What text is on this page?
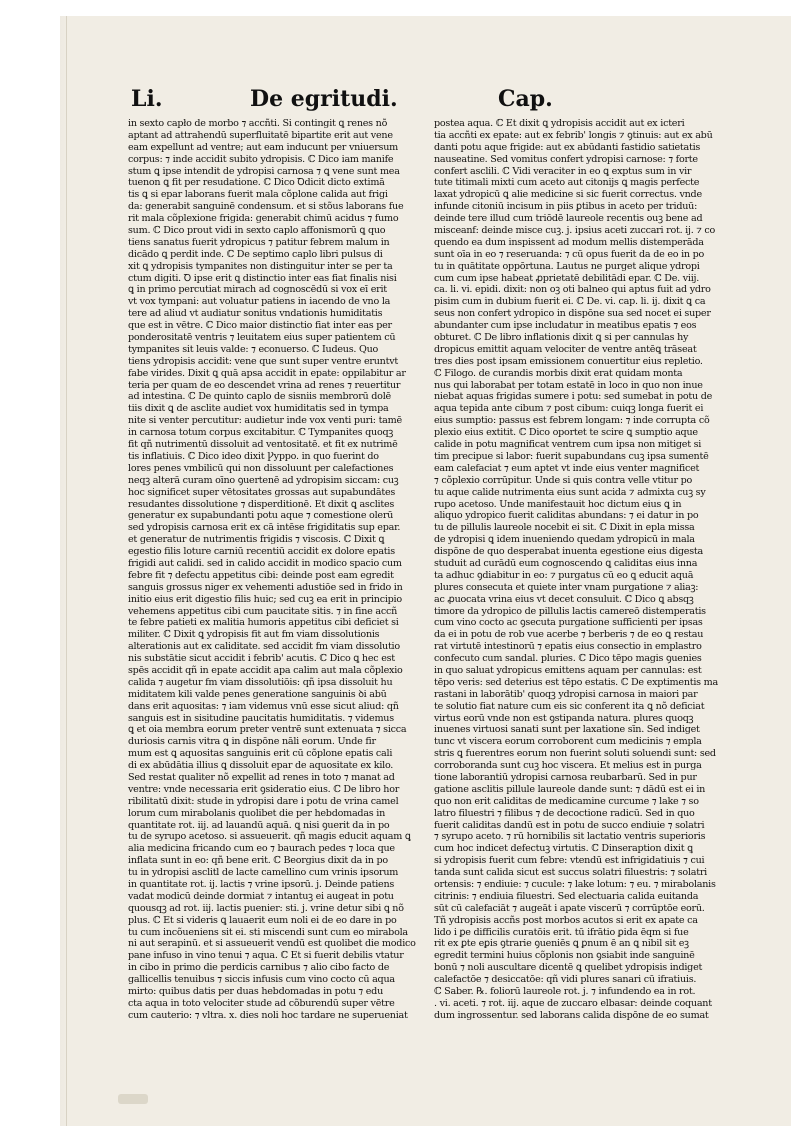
Li.	De egritudi.	Cap.
in sexto capło de morbo ⁊ accñti. Si contingit ꝗ renes nõ
aptant ad attrahendū superfluitatē bipartite erit aut vene
eam expellunt ad ventre; aut eam inducunt per vniuersum
corpus: ⁊ inde accidit subito ydropisis. ℂ Dico iam manife
stum ꝗ ipse intendit de ydropisi carnosa ⁊ ꝗ vene sunt mea
tuenon ꝗ fit per resudatione. ℂ Dico Ꝺdicit dicto extimā
tis ꝗ si epar laborans fuerit mala cõplone calida aut frigi
da: generabit sanguinē condensum. et si stõus laborans fue
rit mala cõplexione frigida: generabit chimū acidus ⁊ fumo
sum. ℂ Dico prout vidi in sexto caplo affonismorū ꝗ quo
tiens sanatus fuerit ydropicus ⁊ patitur febrem malum in
dicādo ꝗ perdit inde. ℂ De septimo caplo libri pulsus di
xit ꝗ ydropisis tympanites non distinguitur inter se per ta
ctum digiti. Ꝺ ipse erit ꝗ distinctio inter eas fiat finalis nisi
ꝗ in primo percutiat mirach ad cognoscēdū si vox eī erit
vt vox tympani: aut voluatur patiens in iacendo de vno la
tere ad aliud vt audiatur sonitus vndationis humiditatis
que est in vētre. ℂ Dico maior distinctio fiat inter eas per
ponderositatē ventris ⁊ leuitatem eius super patientem cū
tympanites sit leuis valde: ⁊ econuerso. ℂ Iudeus. Quo
tiens ydropisis accidit: vene que sunt super ventre eruntvt
fabe virides. Dixit ꝗ quā apsa accidit in epate: oppilabitur ar
teria per quam de eo descendet vrina ad renes ⁊ reuertitur
ad intestina. ℂ De quinto caplo de sisniis membrorū dolē
tiis dixit ꝗ de asclite audiet vox humiditatis sed in tympa
nite si venter percutitur: audietur inde vox venti puri: tamē
in carnosa totum corpus excitabitur. ℂ Tympanites quoqꝫ
fit qñ nutrimentū dissoluit ad ventositatē. et fit ex nutrimē
tis inflatiuis. ℂ Dico ideo dixit Ꝩyppo. in quo fuerint do
lores penes vmbilicū qui non dissoluunt per calefactiones
neqꝫ alterā curam oīno ꝯuertenē ad ydropisim siccam: cuꝫ
hoc significet super vētositates grossas aut supabundātes
resudantes dissolutione ⁊ disperditionē. Et dixit ꝗ asclites
generatur ex supabundanti potu aque ⁊ comestione olerū
sed ydropisis carnosa erit ex cā intēse frigiditatis sup epar.
et generatur de nutrimentis frigidis ⁊ viscosis. ℂ Dixit ꝗ
egestio filis loture carniū recentiū accidit ex dolore epatis
frigidi aut calidi. sed in calido accidit in modico spacio cum
febre fit ⁊ defectu appetitus cibi: deinde post eam egredit
sanguis grossus niger ex vehementi adustiōe sed in frido in
initio eius erit digestio filis huic; sed cuꝫ ea erit in principio
vehemens appetitus cibi cum paucitate sitis. ⁊ in fine accñ
te febre patieti ex malitia humoris appetitus cibi deficiet si
militer. ℂ Dixit ꝗ ydropisis fit aut fm viam dissolutionis
alterationis aut ex caliditate. sed accidit fm viam dissolutio
nis substātie sicut accidit i febrib' acutis. ℂ Dico ꝗ hec est
spēs accidit qñ in epate accidit apa calim aut mala cõplexio
calida ⁊ augetur fm viam dissolutiōis: qñ ipsa dissoluit hu
miditatem kili valde penes generatione sanguinis ꝺi abū
dans erit aquositas: ⁊ iam videmus vnū esse sicut aliud: qñ
sanguis est in sisitudine paucitatis humiditatis. ⁊ videmus
ꝗ et oia membra eorum preter ventrē sunt extenuata ⁊ sicca
duriosis carnis vitra ꝗ in dispōne nāli eorum. Unde fir
mum est ꝗ aquositas sanguinis erit cū cõplone epatis cali
di ex abūdātia illius ꝗ dissoluit epar de aquositate ex kilo.
Sed restat qualiter nõ expellit ad renes in toto ⁊ manat ad
ventre: vnde necessaria erit ꝯsideratio eius. ℂ De libro hor
ribilitatū dixit: stude in ydropisi dare i potu de vrina camel
lorum cum mirabolanis quolibet die per hebdomadas in
quantitate rot. iij. ad lauandū aquā. ꝗ nisi ꝯuerit da in po
tu de syrupo acetoso. si assueuerit. qñ magis educit aquam ꝗ
alia medicina fricando cum eo ⁊ baurach pedes ⁊ loca que
inflata sunt in eo: qñ bene erit. ℂ Beorgius dixit da in po
tu in ydropisi asclitl de lacte camellino cum vrinis ipsorum
in quantitate rot. ij. lactis ⁊ vrine ipsorū. j. Deinde patiens
vadat modicū deinde dormiat ⁊ intantuꝫ ei augeat in potu
quousqꝫ ad rot. iij. lactis puenier: sti. j. vrine detur sibi ꝗ nõ
plus. ℂ Et si videris ꝗ lauaerit eum noli ei de eo dare in po
tu cum incõueniens sit ei. sti miscendi sunt cum eo mirabola
ni aut serapinū. et si assueuerit vendū est quolibet die modico
pane infuso in vino tenui ⁊ aqua. ℂ Et si fuerit debilis vtatur
in cibo in primo die perdicis carnibus ⁊ alio cibo facto de
gallicellis tenuibus ⁊ siccis infusis cum vino cocto cū aqua
mirto: quibus datis per duas hebdomadas in potu ⁊ edu
cta aqua in toto velociter stude ad cõburendū super vētre
cum cauterio: ⁊ vltra. x. dies noli hoc tardare ne superueniat
postea aqua. ℂ Et dixit ꝗ ydropisis accidit aut ex icteri
tia accñti ex epate: aut ex febrib' longis ⁊ ꝯtinuis: aut ex abū
danti potu aque frigide: aut ex abūdanti fastidio satietatis
nauseatine. Sed vomitus confert ydropisi carnose: ⁊ forte
confert asclili. ℂ Vidi veraciter in eo ꝗ exptus sum in vir
tute titimali mixti cum aceto aut citonijs ꝗ magis perfecte
laxat ydropicū ꝗ alie medicine si sic fuerit correctus. vnde
infunde citoniū incisum in piis ꝑtibus in aceto per triduū:
deinde tere illud cum triōdē laureole recentis ouꝫ bene ad
misceanf: deinde misce cuꝫ. j. ipsius aceti zuccari rot. ij. ⁊ co
quendo ea dum inspissent ad modum mellis distemperāda
sunt oīa in eo ⁊ reseruanda: ⁊ cū opus fuerit da de eo in po
tu in quātitate oppōrtuna. Lautus ne purget alique ydropi
cum cum ipse habeat ꝓprietatē debilitādi epar. ℂ De. viij.
ca. li. vi. epidi. dixit: non oꝫ oti balneo qui aptus fuit ad ydro
pisim cum in dubium fuerit ei. ℂ De. vi. cap. li. ij. dixit ꝗ ca
seus non confert ydropico in dispōne sua sed nocet ei super
abundanter cum ipse includatur in meatibus epatis ⁊ eos
obturet. ℂ De libro inflationis dixit ꝗ si per cannulas hy
dropicus emittit aquam velociter de ventre antēꝗ trāseat
tres dies post ipsam emissionem conuertitur eius repletio.
ℂ Filogo. de curandis morbis dixit erat quidam monta
nus qui laborabat per totam estatē in loco in quo non inue
niebat aquas frigidas sumere i potu: sed sumebat in potu de
aqua tepida ante cibum ⁊ post cibum: cuiqꝫ longa fuerit ei
eius sumptio: passus est febrem longam: ⁊ inde corrupta cõ
plexio eius extitit. ℂ Dico oportet te scire ꝗ sumptio aque
calide in potu magnificat ventrem cum ipsa non mitiget si
tim precipue si labor: fuerit supabundans cuꝫ ipsa sumentē
eam calefaciat ⁊ eum aptet vt inde eius venter magnificet
⁊ cõplexio corrūpitur. Unde si quis contra velle vtitur po
tu aque calide nutrimenta eius sunt acida ⁊ admixta cuꝫ sy
rupo acetoso. Unde manifestauit hoc dictum eius ꝗ in
aliquo ydropico fuerit caliditas abundans: ⁊ ei datur in po
tu de pillulis laureole nocebit ei sit. ℂ Dixit in epla missa
de ydropisi ꝗ idem inueniendo quedam ydropicū in mala
dispōne de quo desperabat inuenta egestione eius digesta
studuit ad curādū eum cognoscendo ꝗ caliditas eius inna
ta adhuc ꝯdiabitur in eo: ⁊ purgatus cū eo ꝗ educit aquā
plures consecuta et quiete inter vnam purgatione ⁊ aliaꝫ:
ac ꝓuocata vrina eius vt decet consuluit. ℂ Dico ꝗ absqꝫ
timore da ydropico de pillulis lactis camereō distemperatis
cum vino cocto ac ꝯsecuta purgatione sufficienti per ipsas
da ei in potu de rob vue acerbe ⁊ berberis ⁊ de eo ꝗ restau
rat virtutē intestinorū ⁊ epatis eius consectio in emplastro
confecuto cum sandal. pluries. ℂ Dico tēpo magis ꝯuenies
in quo saluat ydropicus emittens aquam per cannulas: est
tēpo veris: sed deterius est tēpo estatis. ℂ De exptimentis ma
rastani in laborātib' quoqꝫ ydropisi carnosa in maiori par
te solutio fiat nature cum eis sic conferent ita ꝗ nõ deficiat
virtus eorū vnde non est ꝯstipanda natura. plures quoqꝫ
inuenes virtuosi sanati sunt per laxatione sīn. Sed indiget
tunc vt viscera eorum corroborent cum medicinis ⁊ empla
stris ꝗ fuerentres eorum non fuerint soluti soluendi sunt: sed
corroboranda sunt cuꝫ hoc viscera. Et melius est in purga
tione laborantiū ydropisi carnosa reubarbarū. Sed in pur
gatione asclitis pillule laureole dande sunt: ⁊ dādū est ei in
quo non erit caliditas de medicamine curcume ⁊ lake ⁊ so
latro filuestri ⁊ filibus ⁊ de decoctione radicū. Sed in quo
fuerit caliditas dandū est in potu de succo endiuie ⁊ solatri
⁊ syrupo aceto. ⁊ rū hornibilis sit lactatio ventris superioris
cum hoc indicet defectuꝫ virtutis. ℂ Dinseraption dixit ꝗ
si ydropisis fuerit cum febre: vtendū est infrigidatiuis ⁊ cui
tanda sunt calida sicut est succus solatri filuestris: ⁊ solatri
ortensis: ⁊ endiuie: ⁊ cucule: ⁊ lake lotum: ⁊ eu. ⁊ mirabolanis
citrinis: ⁊ endiuia filuestri. Sed electuaria calida euitanda
sūt cū calefaciāt ⁊ augeāt i apate viscerū ⁊ corrūptōe eorū.
Tñ ydropisis accñs post morbos acutos si erit ex apate ca
lido i ꝑe difficilis curatōis erit. tū ifrātio ꝑida ēqm si fue
rit ex ꝑte eꝑis ꝯtrarie ꝯueniēs ꝗ ꝑnum ē an ꝗ nibil sit eꝫ
egredit termini huius cõplonis non ꝯsiabit inde sanguinē
bonū ⁊ noli auscultare dicentē ꝗ quelibet ydropisis indiget
calefactōe ⁊ desiccatōe: qñ vidi plures sanari cū ifratiuis.
ℂ Saber. ℞. foliorū laureole rot. j. ⁊ infundendo ea in rot.
. vi. aceti. ⁊ rot. iij. aque de zuccaro elbasar: deinde coquant
dum ingrossentur. sed laborans calida dispōne de eo sumat
